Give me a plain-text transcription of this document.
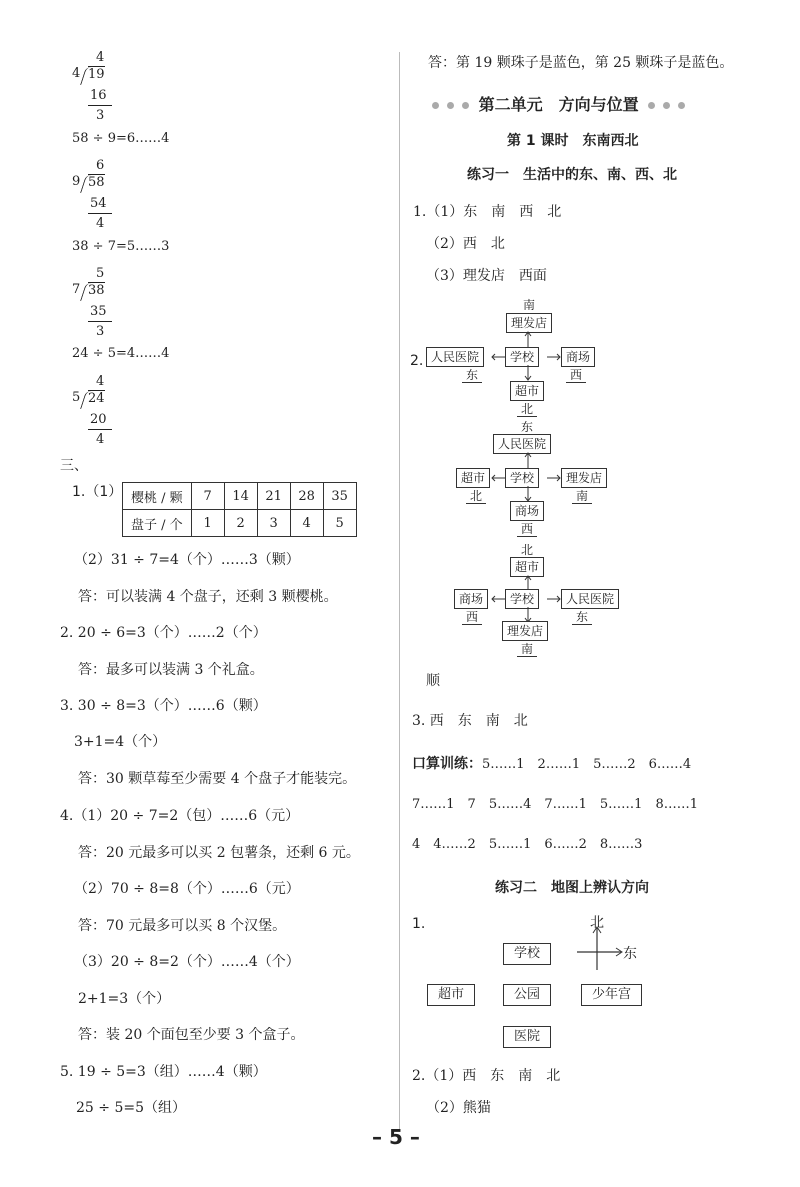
4
4 19
16
3
58 ÷ 9=6……4
6
9 58
54
4
38 ÷ 7=5……3
5
7 38
35
3
24 ÷ 5=4……4
4
5 24
20
4
三、
1.（1） 樱桃 / 颗	7	14	21	28	35
盘子 / 个	1	2	3	4	5
（2）31 ÷ 7=4（个）……3（颗）
答：可以装满 4 个盘子，还剩 3 颗樱桃。
2. 20 ÷ 6=3（个）……2（个）
答：最多可以装满 3 个礼盒。
3. 30 ÷ 8=3（个）……6（颗）
3+1=4（个）
答：30 颗草莓至少需要 4 个盘子才能装完。
4.（1）20 ÷ 7=2（包）……6（元）
答：20 元最多可以买 2 包薯条，还剩 6 元。
（2）70 ÷ 8=8（个）……6（元）
答：70 元最多可以买 8 个汉堡。
（3）20 ÷ 8=2（个）……4（个）
2+1=3（个）
答：装 20 个面包至少要 3 个盒子。
5. 19 ÷ 5=3（组）……4（颗）
25 ÷ 5=5（组）
答：第 19 颗珠子是蓝色，第 25 颗珠子是蓝色。
第二单元　方向与位置
第 1 课时　东南西北
练习一　生活中的东、南、西、北
1.（1）东　南　西　北
（2）西　北
（3）理发店　西面
2.
南
理发店
人民医院	学校	商场
东	西
超市
北
东
人民医院
超市	学校	理发店
北	南
商场
西
北
超市
商场	学校	人民医院
西	东
理发店
南
顺
3. 西　东　南　北
口算训练：5……1　2……1　5……2　6……4
7……1　7　5……4　7……1　5……1　8……1
4　4……2　5……1　6……2　8……3
练习二　地图上辨认方向
1.	北
东
学校
超市	公园	少年宫
医院
2.（1）西　东　南　北
（2）熊猫
– 5 –
